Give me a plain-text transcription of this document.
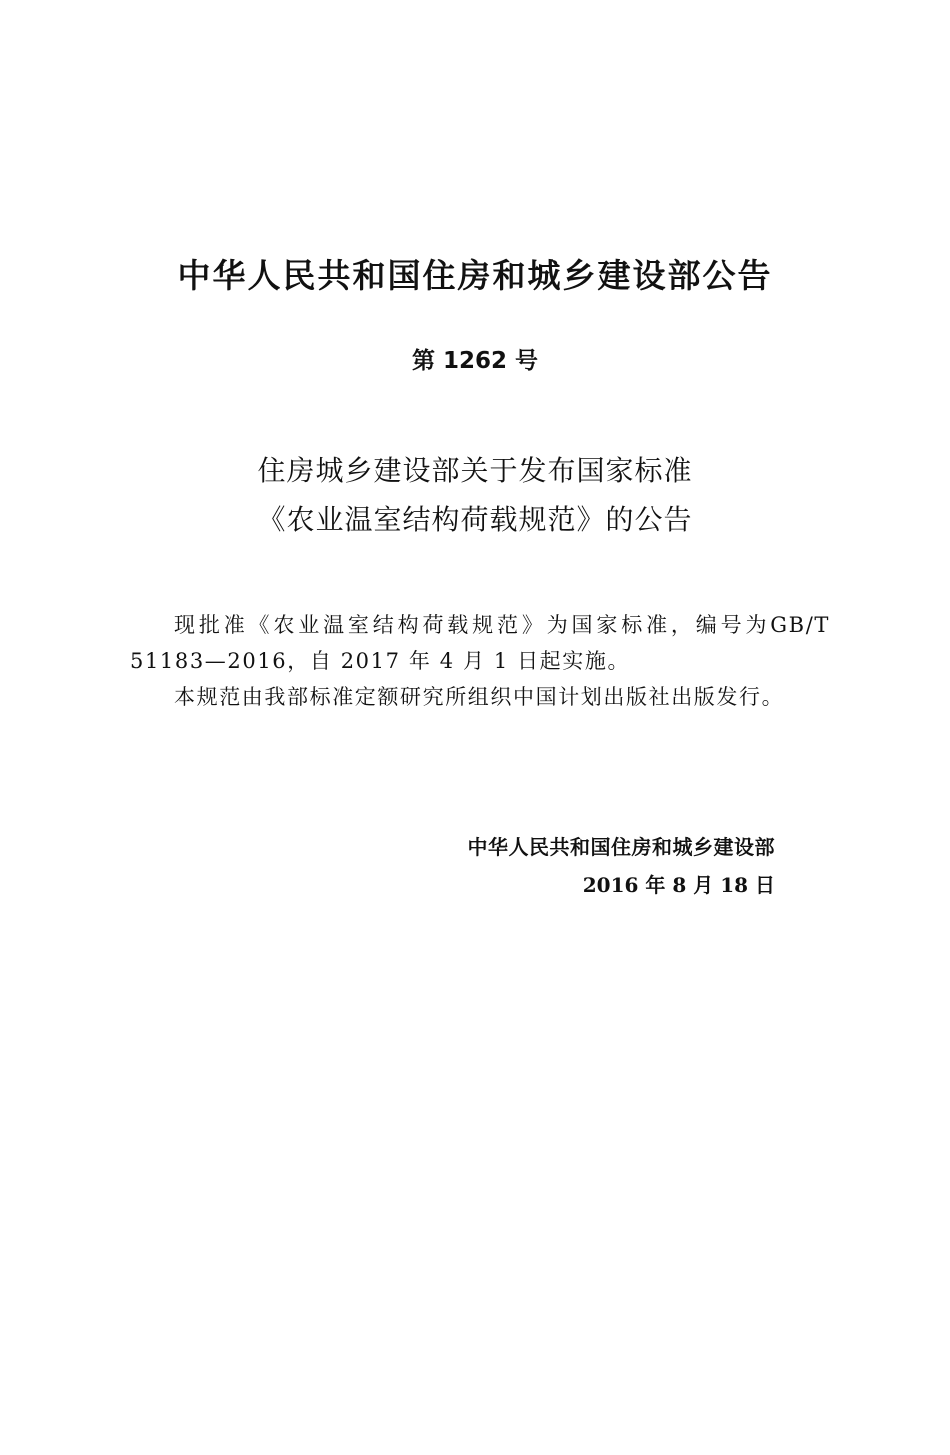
中华人民共和国住房和城乡建设部公告
第 1262 号
住房城乡建设部关于发布国家标准
《农业温室结构荷载规范》的公告

现批准《农业温室结构荷载规范》为国家标准，编号为GB/T 51183—2016，自 2017 年 4 月 1 日起实施。

本规范由我部标准定额研究所组织中国计划出版社出版发行。

中华人民共和国住房和城乡建设部
2016 年 8 月 18 日
